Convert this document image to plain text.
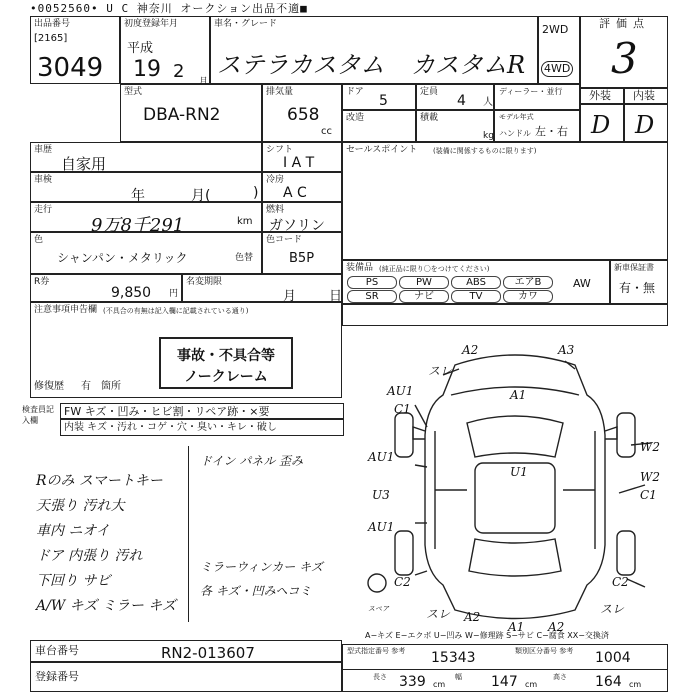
•0052560• U C 神奈川 オークション出品不適■
出品番号
[2165]
3049
初度登録年月
平成
19 2 月
車名・グレード
ステラカスタム カスタムR
2WD
4WD
評価点
3
外装 内装
D D
型式
DBA-RN2
排気量
658
cc
ドア
5
定員
4 人
ディーラー・並行
改造	積載
kg
モデル年式
ハンドル 左・右
車歴
自家用
シフト
I A T
車検
年	月(	)
冷房
A C
走行
9万8千291	km
燃料
ガソリン
色
シャンパン・メタリック	色替
色コード
B5P
R券
9,850 円
名変期限
月	日
注意事項申告欄 (不具合の有無は記入欄に記載されている通り)
事故・不具合等
ノークレーム
修復歴 有 箇所
セールスポイント (装備に関係するものに限ります)
装備品 (純正品に限り〇をつけてください)
PS	PW	ABS	エアB
SR	ナビ	TV	カワ
AW
新車保証書
有・無
検査員記入欄
FW キズ・凹み・ヒビ割・リペア跡・×要
内装 キズ・汚れ・コゲ・穴・臭い・キレ・破し
Rのみ スマートキー
天張り 汚れ大
車内 ニオイ
ドア 内張り 汚れ
下回り サビ
A/W キズ ミラー キズ
ドイン パネル 歪み
ミラーウィンカー キズ
各 キズ・凹みヘコミ
A−キズ E−エクボ U−凹み W−修理跡 S−サビ C−腐食 XX−交換済
A2	A3
スレ
A1
AU1
C1
W2
U1
AU1
U3	C1
AU1
W2
C2	C2
A2
A1 A2
スレ	スレ
スペア
車台番号	RN2-013607
登録番号
型式指定番号 参考 15343	類別区分番号 参考 1004
長さ 339 cm
幅 147 cm
高さ 164 cm
